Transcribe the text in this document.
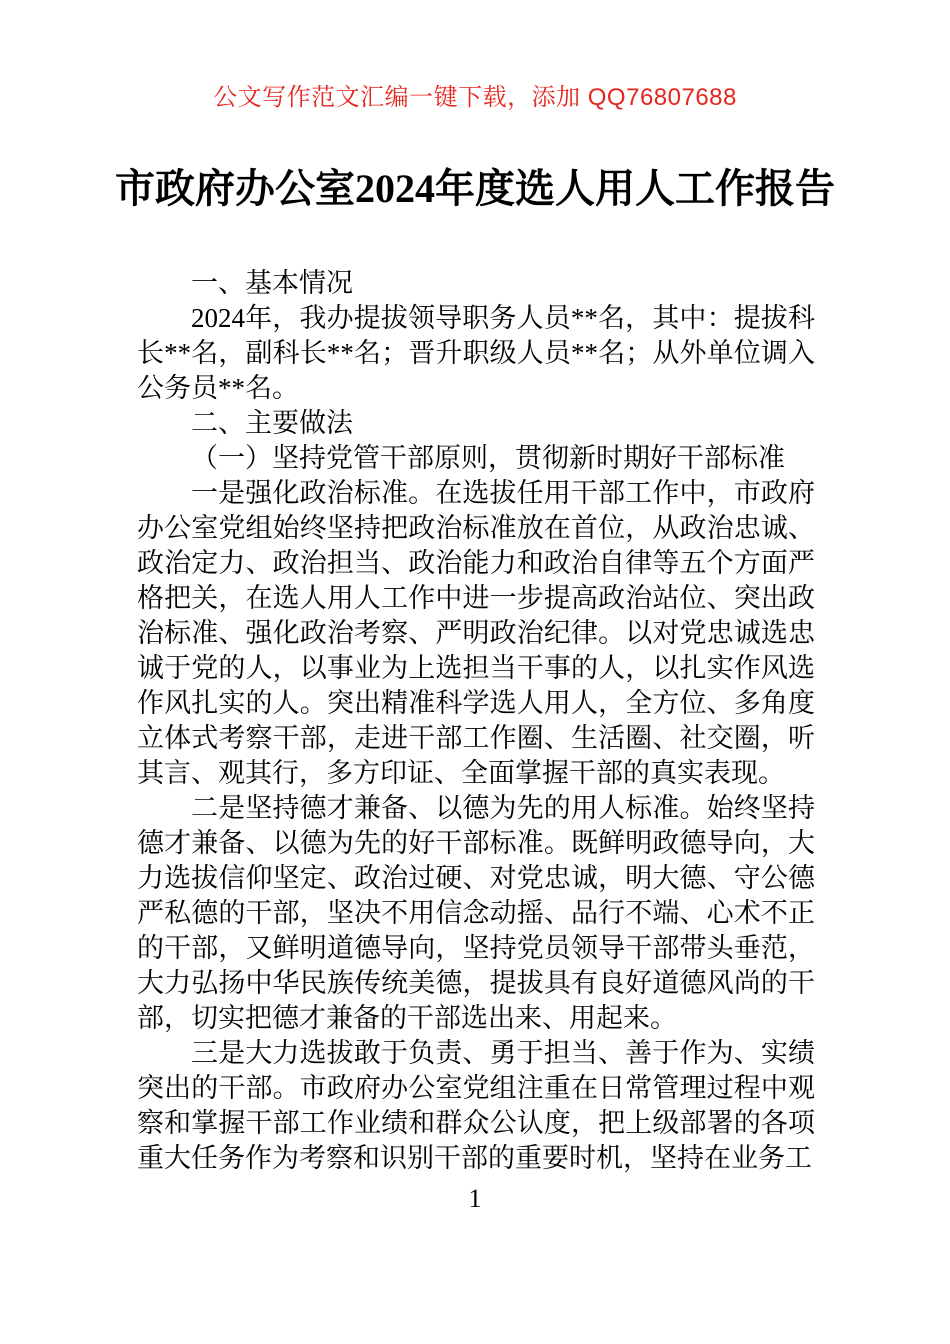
公文写作范文汇编一键下载，添加 QQ76807688
市政府办公室2024年度选人用人工作报告

一、基本情况

2024年，我办提拔领导职务人员**名，其中：提拔科长**名，副科长**名；晋升职级人员**名；从外单位调入公务员**名。

二、主要做法

（一）坚持党管干部原则，贯彻新时期好干部标准

一是强化政治标准。在选拔任用干部工作中，市政府办公室党组始终坚持把政治标准放在首位，从政治忠诚、政治定力、政治担当、政治能力和政治自律等五个方面严格把关，在选人用人工作中进一步提高政治站位、突出政治标准、强化政治考察、严明政治纪律。以对党忠诚选忠诚于党的人，以事业为上选担当干事的人，以扎实作风选作风扎实的人。突出精准科学选人用人，全方位、多角度立体式考察干部，走进干部工作圈、生活圈、社交圈，听其言、观其行，多方印证、全面掌握干部的真实表现。

二是坚持德才兼备、以德为先的用人标准。始终坚持德才兼备、以德为先的好干部标准。既鲜明政德导向，大力选拔信仰坚定、政治过硬、对党忠诚，明大德、守公德严私德的干部，坚决不用信念动摇、品行不端、心术不正的干部，又鲜明道德导向，坚持党员领导干部带头垂范，大力弘扬中华民族传统美德，提拔具有良好道德风尚的干部，切实把德才兼备的干部选出来、用起来。

三是大力选拔敢于负责、勇于担当、善于作为、实绩突出的干部。市政府办公室党组注重在日常管理过程中观察和掌握干部工作业绩和群众公认度，把上级部署的各项重大任务作为考察和识别干部的重要时机，坚持在业务工

1
